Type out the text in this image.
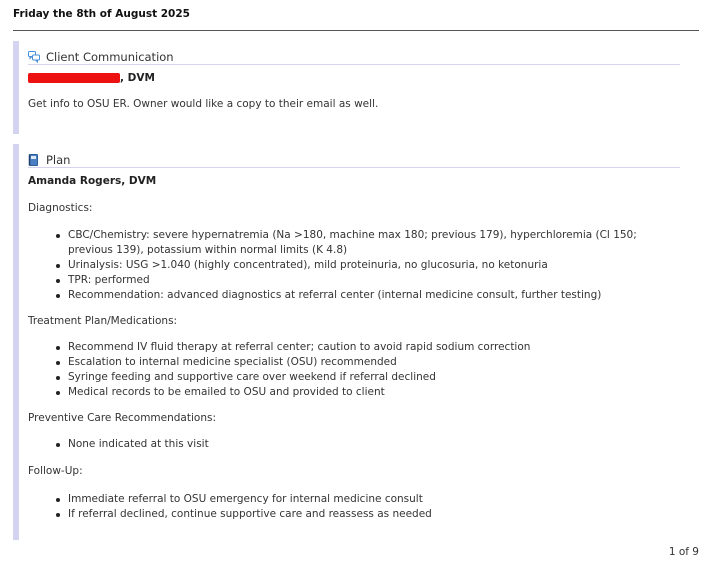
Friday the 8th of August 2025
Client Communication
, DVM
Get info to OSU ER. Owner would like a copy to their email as well.
Plan
Amanda Rogers, DVM
Diagnostics:
CBC/Chemistry: severe hypernatremia (Na >180, machine max 180; previous 179), hyperchloremia (Cl 150;
previous 139), potassium within normal limits (K 4.8)
Urinalysis: USG >1.040 (highly concentrated), mild proteinuria, no glucosuria, no ketonuria
TPR: performed
Recommendation: advanced diagnostics at referral center (internal medicine consult, further testing)
Treatment Plan/Medications:
Recommend IV fluid therapy at referral center; caution to avoid rapid sodium correction
Escalation to internal medicine specialist (OSU) recommended
Syringe feeding and supportive care over weekend if referral declined
Medical records to be emailed to OSU and provided to client
Preventive Care Recommendations:
None indicated at this visit
Follow-Up:
Immediate referral to OSU emergency for internal medicine consult
If referral declined, continue supportive care and reassess as needed
1 of 9
